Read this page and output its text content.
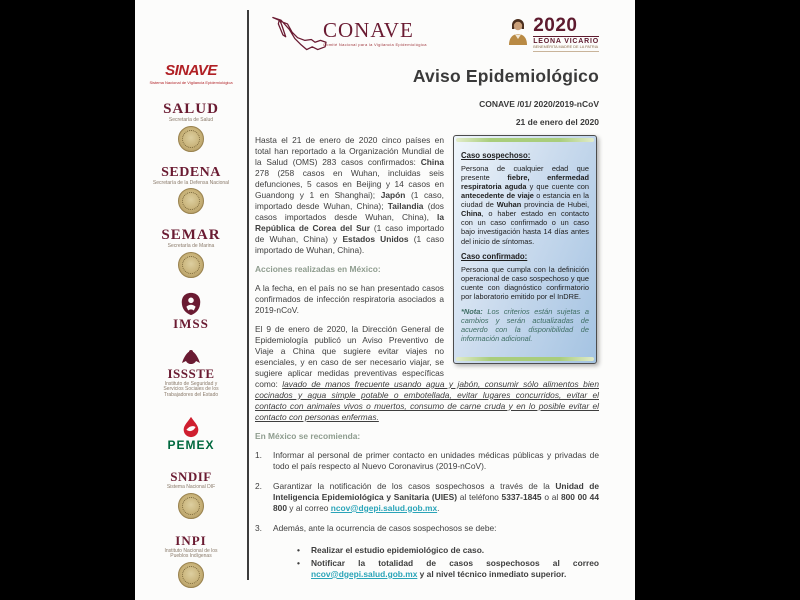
SINAVE
Sistema Nacional de Vigilancia Epidemiológica
SALUD
Secretaría de Salud
SEDENA
Secretaría de la Defensa Nacional
SEMAR
Secretaría de Marina
IMSS
ISSSTE
Instituto de Seguridad y Servicios Sociales de los Trabajadores del Estado
PEMEX
SNDIF
Sistema Nacional DIF
INPI
Instituto Nacional de los Pueblos Indígenas
CONAVE
Comité Nacional para la Vigilancia Epidemiológica
2020
LEONA VICARIO
BENEMÉRITA MADRE DE LA PATRIA
Aviso Epidemiológico
CONAVE /01/ 2020/2019-nCoV
21 de enero del 2020
Caso sospechoso:

Persona de cualquier edad que presente fiebre, enfermedad respiratoria aguda y que cuente con antecedente de viaje o estancia en la ciudad de Wuhan provincia de Hubei, China, o haber estado en contacto con un caso confirmado o un caso bajo investigación hasta 14 días antes del inicio de síntomas.

Caso confirmado:

Persona que cumpla con la definición operacional de caso sospechoso y que cuente con diagnóstico confirmatorio por laboratorio emitido por el InDRE.

*Nota: Los criterios están sujetas a cambios y serán actualizadas de acuerdo con la disponibilidad de información adicional.

Hasta el 21 de enero de 2020 cinco países en total han reportado a la Organización Mundial de la Salud (OMS) 283 casos confirmados: China 278 (258 casos en Wuhan, incluidas seis defunciones, 5 casos en Beijing y 14 casos en Guandong y 1 en Shanghai); Japón (1 caso, importado desde Wuhan, China); Tailandia (dos casos importados desde Wuhan, China), la República de Corea del Sur (1 caso importado de Wuhan, China) y Estados Unidos (1 caso importado de Wuhan, China).

Acciones realizadas en México:

A la fecha, en el país no se han presentado casos confirmados de infección respiratoria asociados a 2019-nCoV.

El 9 de enero de 2020, la Dirección General de Epidemiología publicó un Aviso Preventivo de Viaje a China que sugiere evitar viajes no esenciales, y en caso de ser necesario viajar, se sugiere aplicar medidas preventivas específicas como: lavado de manos frecuente usando agua y jabón, consumir sólo alimentos bien cocinados y agua simple potable o embotellada, evitar lugares concurridos, evitar el contacto con animales vivos o muertos, consumo de carne cruda y en lo posible evitar el contacto con personas enfermas.

En México se recomienda:

1.	Informar al personal de primer contacto en unidades médicas públicas y privadas de todo el país respecto al Nuevo Coronavirus (2019-nCoV).
2.	Garantizar la notificación de los casos sospechosos a través de la Unidad de Inteligencia Epidemiológica y Sanitaria (UIES) al teléfono 5337-1845 o al 800 00 44 800 y al correo ncov@dgepi.salud.gob.mx.
3.	Además, ante la ocurrencia de casos sospechosos se debe:
•	Realizar el estudio epidemiológico de caso.
•	Notificar la totalidad de casos sospechosos al correo ncov@dgepi.salud.gob.mx y al nivel técnico inmediato superior.
